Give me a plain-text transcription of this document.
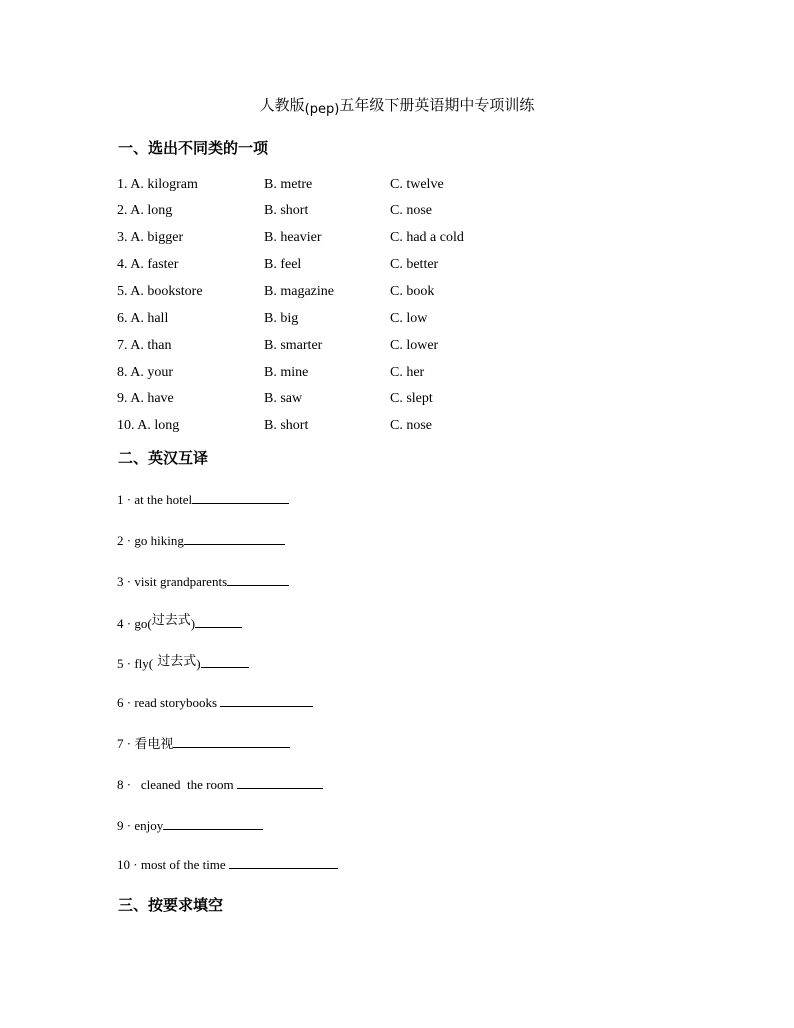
人教版(pep)五年级下册英语期中专项训练
一、选出不同类的一项
1. A. kilogram	B. metre	C. twelve
2. A. long	B. short	C. nose
3. A. bigger	B. heavier	C. had a cold
4. A. faster	B. feel	C. better
5. A. bookstore	B. magazine	C. book
6. A. hall	B. big	C. low
7. A. than	B. smarter	C. lower
8. A. your	B. mine	C. her
9. A. have	B. saw	C. slept
10. A. long	B. short	C. nose
二、英汉互译
1 · at the hotel
2 · go hiking
3 · visit grandparents
4 · go(过去式)
5 · fly( 过去式)
6 · read storybooks
7 · 看电视
8 ·   cleaned  the room
9 · enjoy
10 · most of the time
三、按要求填空
